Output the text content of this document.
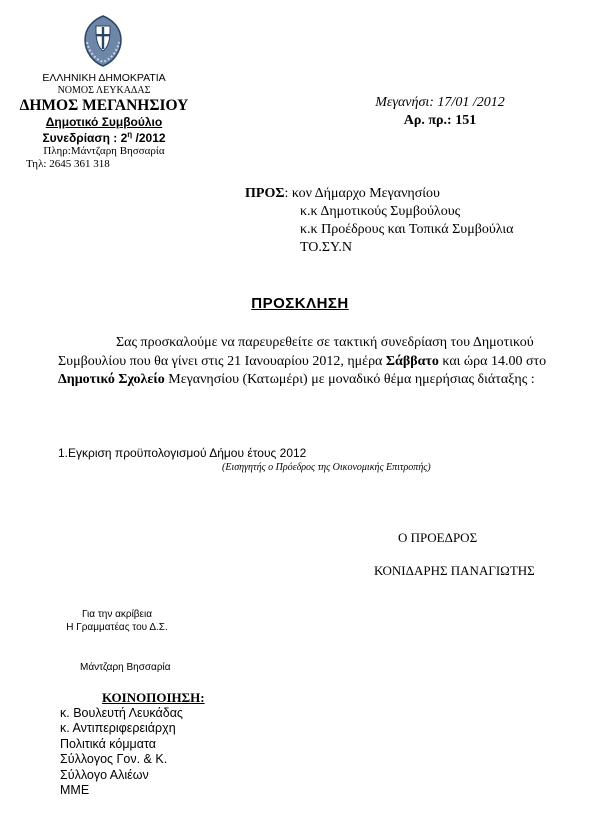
ΕΛΛΗΝΙΚΗ ΔΗΜΟΚΡΑΤΙΑ
ΝΟΜΟΣ ΛΕΥΚΑΔΑΣ
ΔΗΜΟΣ ΜΕΓΑΝΗΣΙΟΥ
Δημοτικό Συμβούλιο
Συνεδρίαση : $2^\eta$ /2012
Πληρ:Μάντζαρη Βησσαρία
Τηλ: 2645 361 318
Μεγανήσι: 17/01 /2012
Αρ. πρ.: 151
ΠΡΟΣ: κον Δήμαρχο Μεγανησίου
κ.κ Δημοτικούς Συμβούλους
κ.κ Προέδρους και Τοπικά Συμβούλια
ΤΟ.ΣΥ.Ν
ΠΡΟΣΚΛΗΣΗ
Σας προσκαλούμε να παρευρεθείτε σε τακτική συνεδρίαση του Δημοτικού Συμβουλίου που θα γίνει στις 21 Ιανουαρίου 2012, ημέρα Σάββατο και ώρα 14.00 στο Δημοτικό Σχολείο Μεγανησίου (Κατωμέρι) με μοναδικό θέμα ημερήσιας διάταξης :
1.Εγκριση προϋπολογισμού Δήμου έτους 2012
(Εισηγητής ο Πρόεδρος της Οικονομικής Επιτροπής)
Ο ΠΡΟΕΔΡΟΣ
ΚΟΝΙΔΑΡΗΣ ΠΑΝΑΓΙΩΤΗΣ
Για την ακρίβεια
Η Γραμματέας του Δ.Σ.
Μάντζαρη Βησσαρία
ΚΟΙΝΟΠΟΙΗΣΗ:
κ. Βουλευτή Λευκάδας
κ. Αντιπεριφερειάρχη
Πολιτικά κόμματα
Σύλλογος Γον. & Κ.
Σύλλογο Αλιέων
ΜΜΕ
